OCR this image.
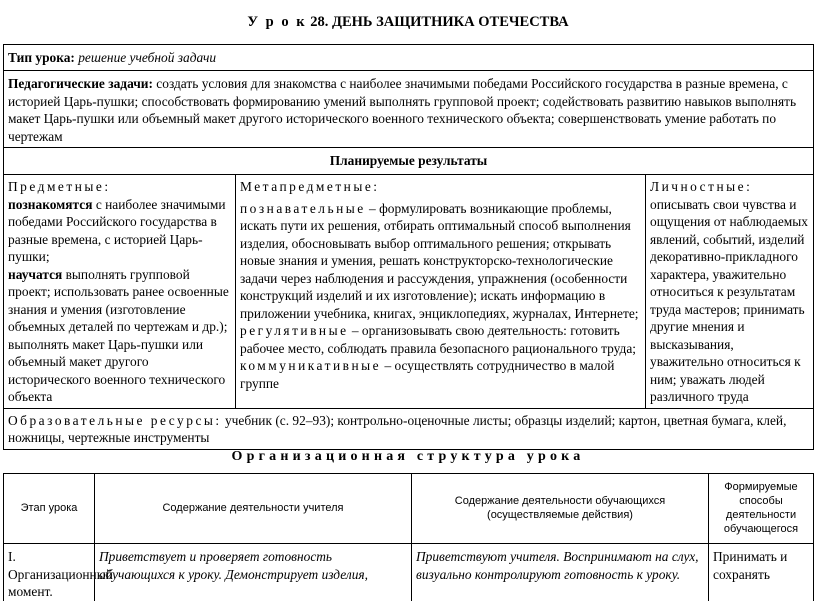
У р о к 28. ДЕНЬ ЗАЩИТНИКА ОТЕЧЕСТВА
Тип урока: решение учебной задачи
Педагогические задачи: создать условия для знакомства с наиболее значимыми победами Российского государства в разные времена, с историей Царь-пушки; способствовать формированию умений выполнять групповой проект; содействовать развитию навыков выполнять макет Царь-пушки или объемный макет другого исторического военного технического объекта; совершенствовать умение работать по чертежам
Планируемые результаты

Предметные:
познакомятся с наиболее значимыми победами Российского государства в разные времена, с историей Царь-пушки;
научатся выполнять групповой проект; использовать ранее освоенные знания и умения (изготовление объемных деталей по чертежам и др.); выполнять макет Царь-пушки или объемный макет другого исторического военного технического объекта

Метапредметные:
познавательные – формулировать возникающие проблемы, искать пути их решения, отбирать оптимальный способ выполнения изделия, обосновывать выбор оптимального решения; открывать новые знания и умения, решать конструкторско-технологические задачи через наблюдения и рассуждения, упражнения (особенности конструкций изделий и их изготовление); искать информацию в приложении учебника, книгах, энциклопедиях, журналах, Интернете; регулятивные – организовывать свою деятельность: готовить рабочее место, соблюдать правила безопасного рационального труда; коммуникативные – осуществлять сотрудничество в малой группе
	Личностные: описывать свои чувства и ощущения от наблюдаемых явлений, событий, изделий декоративно-прикладного характера, уважительно относиться к результатам труда мастеров; принимать другие мнения и высказывания, уважительно относиться к ним; уважать людей различного труда
Образовательные ресурсы: учебник (с. 92–93); контрольно-оценочные листы; образцы изделий; картон, цветная бумага, клей, ножницы, чертежные инструменты
Организационная структура урока
Этап урока	Содержание деятельности учителя	Содержание деятельности обучающихся (осуществляемые действия)	Формируемые способы деятельности обучающегося
I. Организационный момент.	Приветствует и проверяет готовность обучающихся к уроку. Демонстрирует изделия,	Приветствуют учителя. Воспринимают на слух, визуально контролируют готовность к уроку.	Принимать и сохранять
